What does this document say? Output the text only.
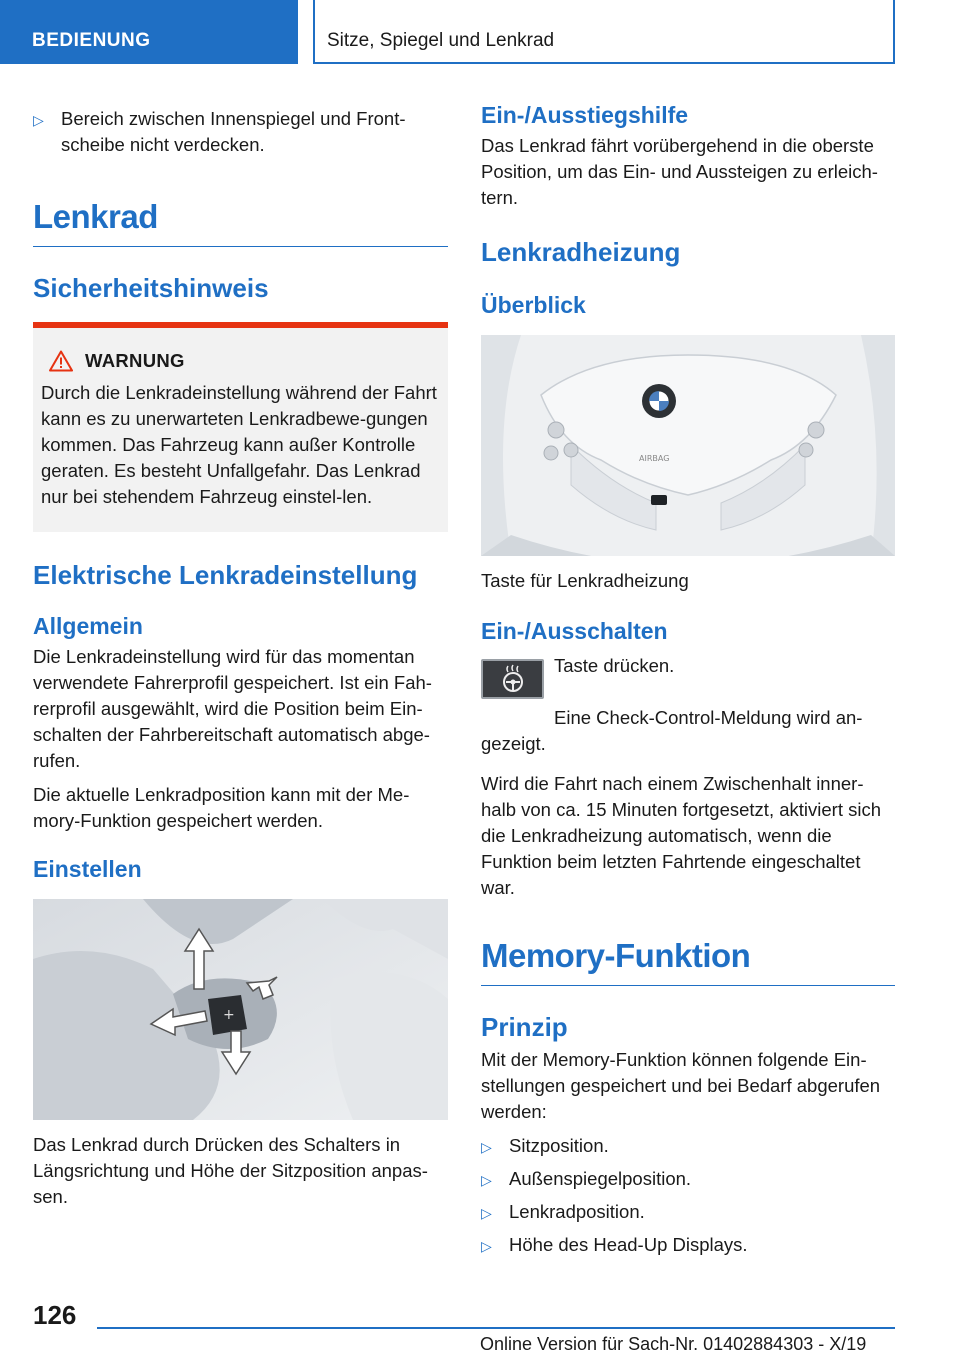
BEDIENUNG	Sitze, Spiegel und Lenkrad
▷ Bereich zwischen Innenspiegel und Front-scheibe nicht verdecken.
Lenkrad
Sicherheitshinweis
WARNUNG

Durch die Lenkradeinstellung während der Fahrt kann es zu unerwarteten Lenkradbewe-gungen kommen. Das Fahrzeug kann außer Kontrolle geraten. Es besteht Unfallgefahr. Das Lenkrad nur bei stehendem Fahrzeug einstel-len.

Elektrische Lenkradeinstellung
Allgemein

Die Lenkradeinstellung wird für das momentan verwendete Fahrerprofil gespeichert. Ist ein Fah-rerprofil ausgewählt, wird die Position beim Ein-schalten der Fahrbereitschaft automatisch abge-rufen.

Die aktuelle Lenkradposition kann mit der Me-mory-Funktion gespeichert werden.

Einstellen
+

Das Lenkrad durch Drücken des Schalters in Längsrichtung und Höhe der Sitzposition anpas-sen.

Ein-/Ausstiegshilfe

Das Lenkrad fährt vorübergehend in die oberste Position, um das Ein- und Aussteigen zu erleich-tern.

Lenkradheizung
Überblick
AIRBAG

Taste für Lenkradheizung

Ein-/Ausschalten

Taste drücken.

Eine Check-Control-Meldung wird an-gezeigt.

Wird die Fahrt nach einem Zwischenhalt inner-halb von ca. 15 Minuten fortgesetzt, aktiviert sich die Lenkradheizung automatisch, wenn die Funktion beim letzten Fahrtende eingeschaltet war.

Memory-Funktion
Prinzip

Mit der Memory-Funktion können folgende Ein-stellungen gespeichert und bei Bedarf abgerufen werden:

▷ Sitzposition.
▷ Außenspiegelposition.
▷ Lenkradposition.
▷ Höhe des Head-Up Displays.
126
Online Version für Sach-Nr. 01402884303 - X/19
